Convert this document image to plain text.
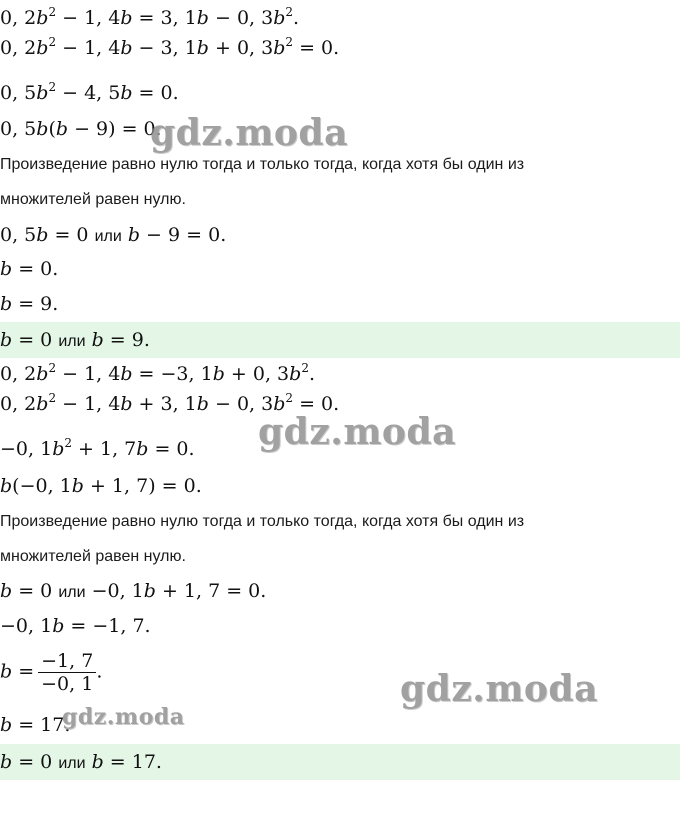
0, $2b^2 - 1$, 4b = 3, 1b − 0, $3b^2$.
0, $2b^2 - 1$, 4b − 3, 1b + 0, $3b^2 = 0$.
0, $5b^2 - 4$, 5b = 0.
0, 5b(b − 9) = 0.
Произведение равно нулю тогда и только тогда, когда хотя бы один из
множителей равен нулю.
0, 5b = 0 или b − 9 = 0.
b = 0.
b = 9.
b = 0 или b = 9.
0, $2b^2 - 1$, 4b = −3, 1b + 0, $3b^2$.
0, $2b^2 - 1$, 4b + 3, 1b − 0, $3b^2 = 0$.
−0, $1b^2 + 1$, 7b = 0.
b(−0, 1b + 1, 7) = 0.
Произведение равно нулю тогда и только тогда, когда хотя бы один из
множителей равен нулю.
b = 0 или −0, 1b + 1, 7 = 0.
−0, 1b = −1, 7.
$b = \frac{-1, 7}{-0, 1}$ .
b = 17.
b = 0 или b = 17.
gdz.moda
gdz.moda
gdz.moda
gdz.moda
